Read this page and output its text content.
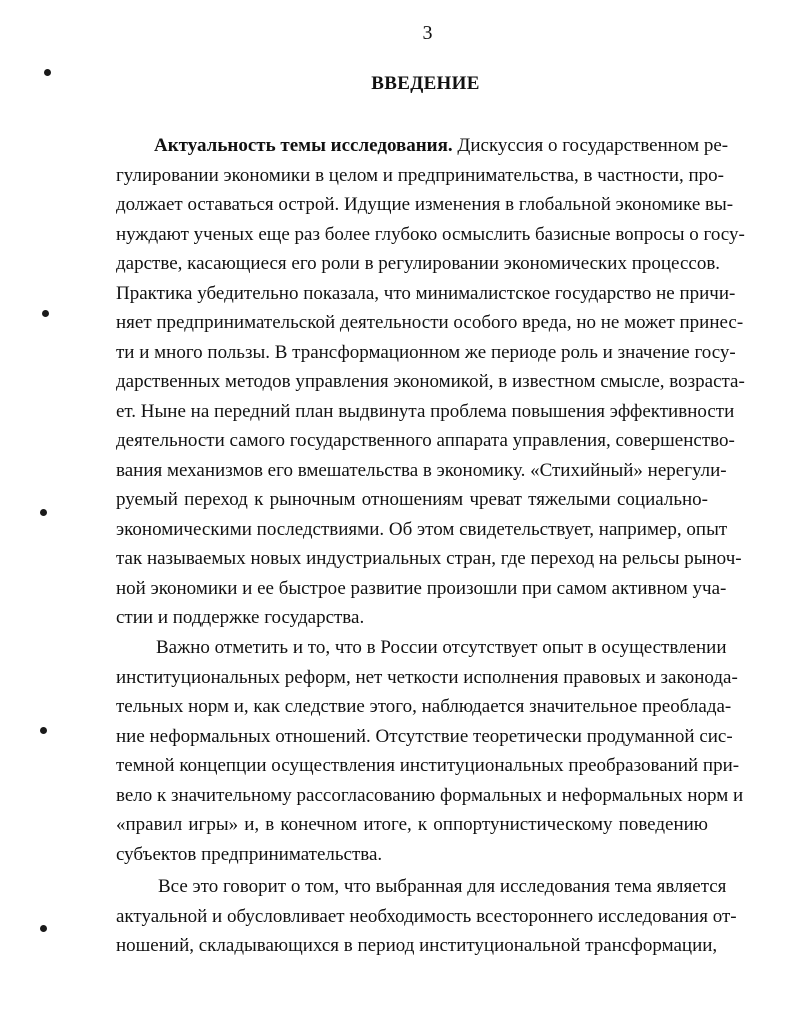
3
ВВЕДЕНИЕ
Актуальность темы исследования. Дискуссия о государственном ре-
гулировании экономики в целом и предпринимательства, в частности, про-
должает оставаться острой. Идущие изменения в глобальной экономике вы-
нуждают ученых еще раз более глубоко осмыслить базисные вопросы о госу-
дарстве, касающиеся его роли в регулировании экономических процессов.
Практика убедительно показала, что минималистское государство не причи-
няет предпринимательской деятельности особого вреда, но не может принес-
ти и много пользы. В трансформационном же периоде роль и значение госу-
дарственных методов управления экономикой, в известном смысле, возраста-
ет. Ныне на передний план выдвинута проблема повышения эффективности
деятельности самого государственного аппарата управления, совершенство-
вания механизмов его вмешательства в экономику. «Стихийный» нерегули-
руемый переход к рыночным отношениям чреват тяжелыми социально-
экономическими последствиями. Об этом свидетельствует, например, опыт
так называемых новых индустриальных стран, где переход на рельсы рыноч-
ной экономики и ее быстрое развитие произошли при самом активном уча-
стии и поддержке государства.
Важно отметить и то, что в России отсутствует опыт в осуществлении
институциональных реформ, нет четкости исполнения правовых и законода-
тельных норм и, как следствие этого, наблюдается значительное преоблада-
ние неформальных отношений. Отсутствие теоретически продуманной сис-
темной концепции осуществления институциональных преобразований при-
вело к значительному рассогласованию формальных и неформальных норм и
«правил игры» и, в конечном итоге, к оппортунистическому поведению
субъектов предпринимательства.
Все это говорит о том, что выбранная для исследования тема является
актуальной и обусловливает необходимость всестороннего исследования от-
ношений, складывающихся в период институциональной трансформации,
